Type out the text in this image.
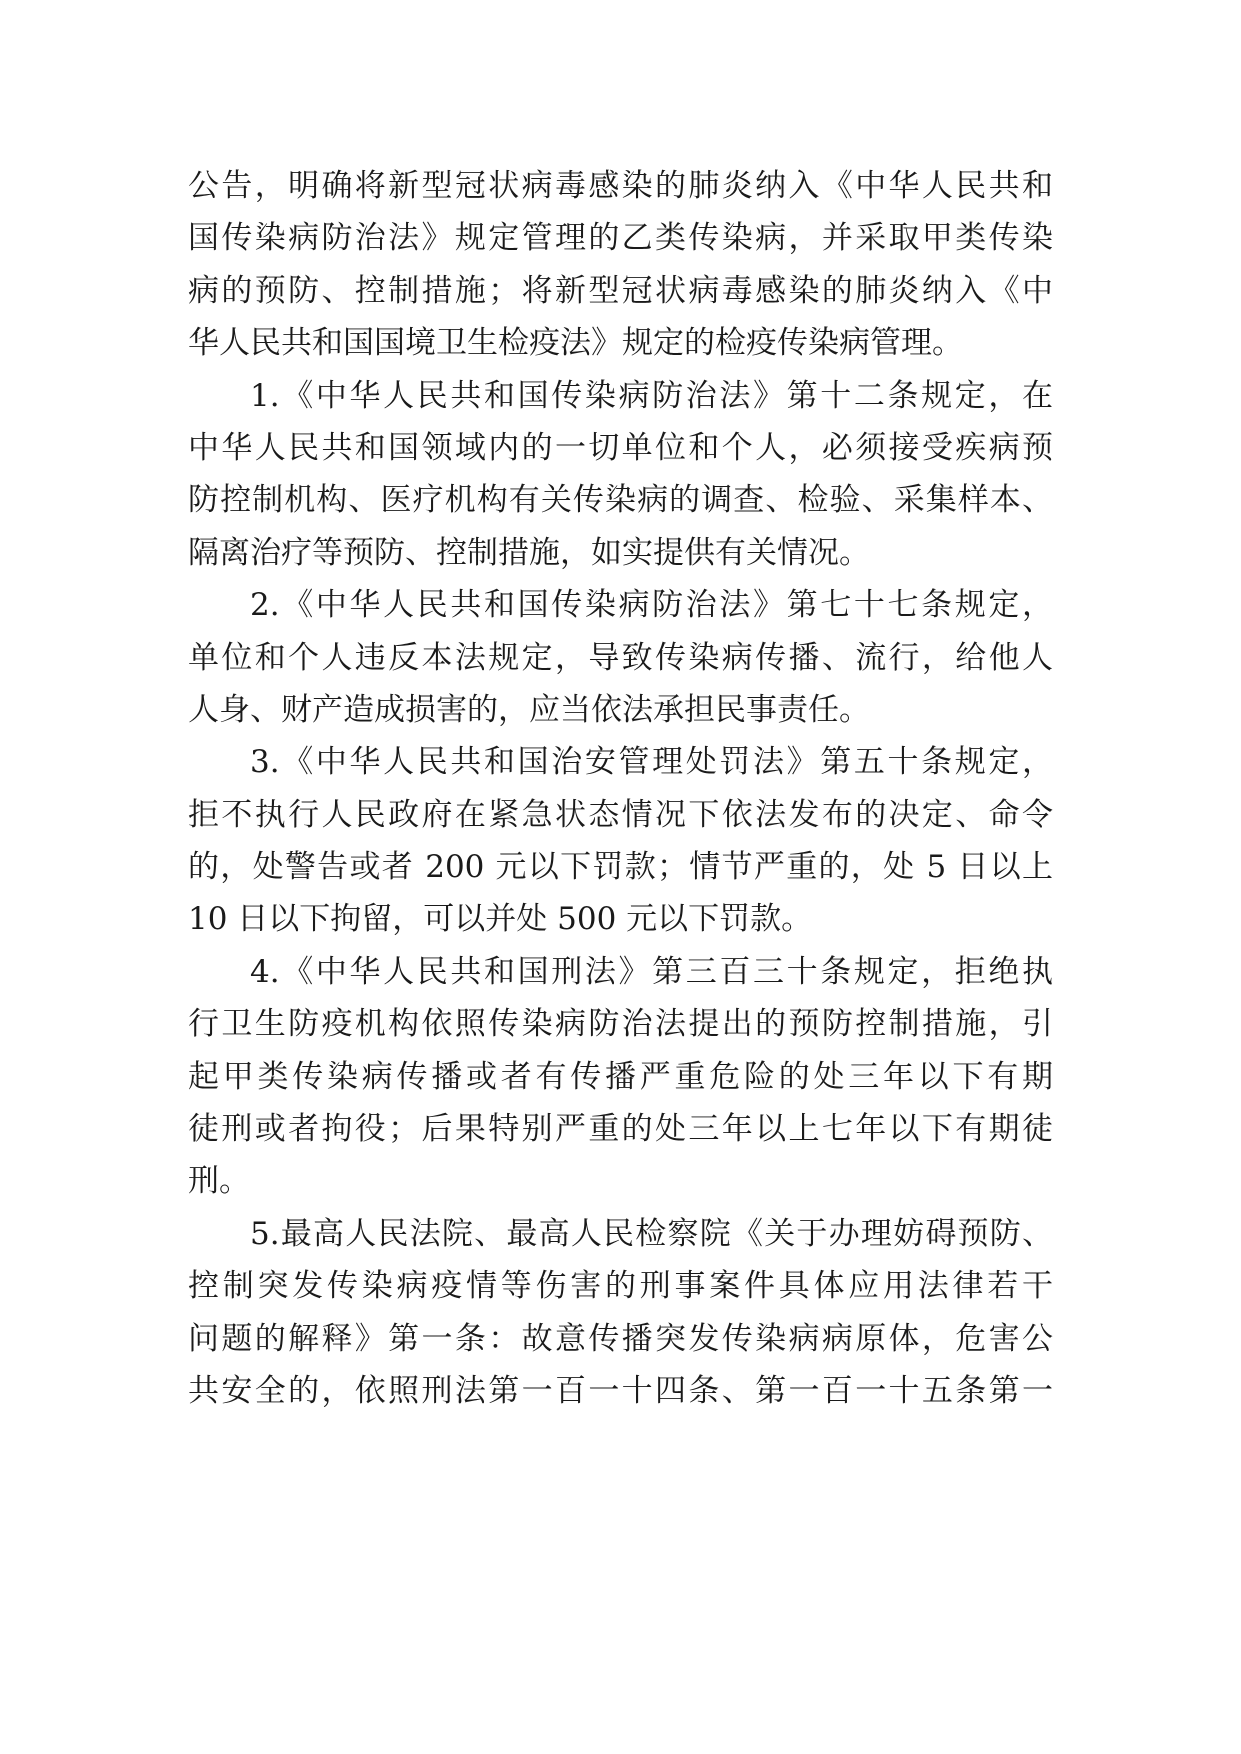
公告，明确将新型冠状病毒感染的肺炎纳入《中华人民共和
国传染病防治法》规定管理的乙类传染病，并采取甲类传染
病的预防、控制措施；将新型冠状病毒感染的肺炎纳入《中
华人民共和国国境卫生检疫法》规定的检疫传染病管理。
1.《中华人民共和国传染病防治法》第十二条规定，在
中华人民共和国领域内的一切单位和个人，必须接受疾病预
防控制机构、医疗机构有关传染病的调查、检验、采集样本、
隔离治疗等预防、控制措施，如实提供有关情况。
2.《中华人民共和国传染病防治法》第七十七条规定，
单位和个人违反本法规定，导致传染病传播、流行，给他人
人身、财产造成损害的，应当依法承担民事责任。
3.《中华人民共和国治安管理处罚法》第五十条规定，
拒不执行人民政府在紧急状态情况下依法发布的决定、命令
的，处警告或者 200 元以下罚款；情节严重的，处 5 日以上
10 日以下拘留，可以并处 500 元以下罚款。
4.《中华人民共和国刑法》第三百三十条规定，拒绝执
行卫生防疫机构依照传染病防治法提出的预防控制措施，引
起甲类传染病传播或者有传播严重危险的处三年以下有期
徒刑或者拘役；后果特别严重的处三年以上七年以下有期徒
刑。
5.最高人民法院、最高人民检察院《关于办理妨碍预防、
控制突发传染病疫情等伤害的刑事案件具体应用法律若干
问题的解释》第一条：故意传播突发传染病病原体，危害公
共安全的，依照刑法第一百一十四条、第一百一十五条第一
